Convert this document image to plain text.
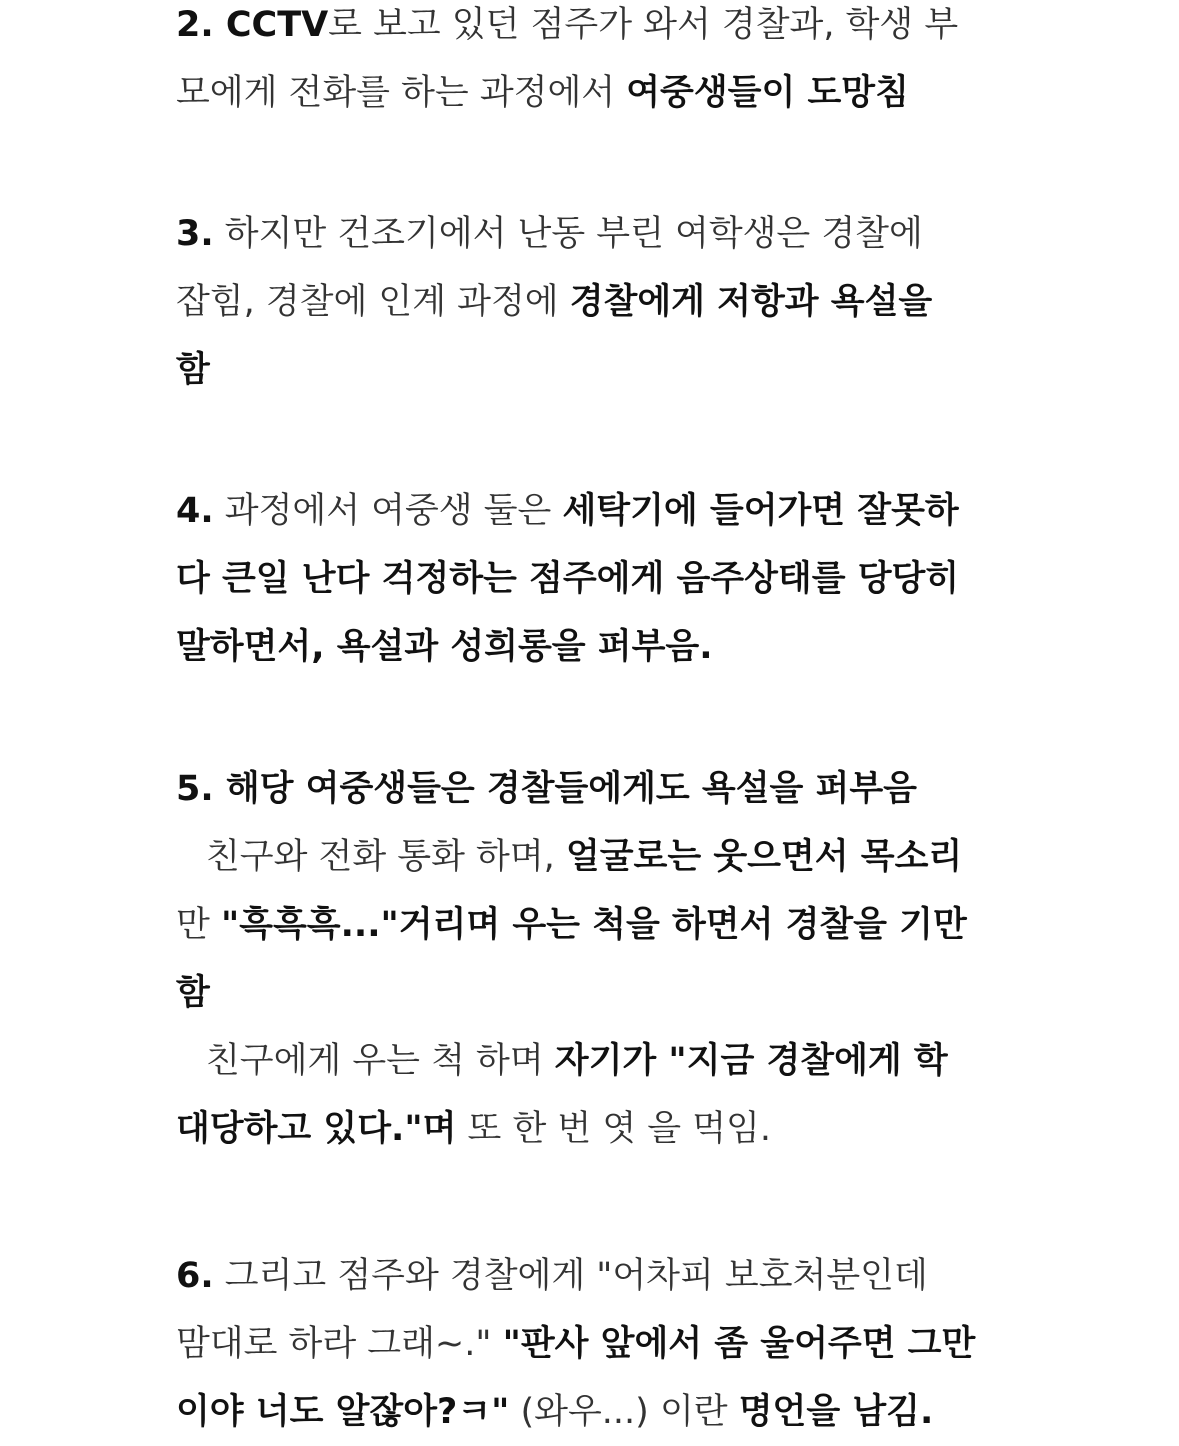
2. CCTV로 보고 있던 점주가 와서 경찰과, 학생 부
모에게 전화를 하는 과정에서 여중생들이 도망침
3. 하지만 건조기에서 난동 부린 여학생은 경찰에
잡힘, 경찰에 인계 과정에 경찰에게 저항과 욕설을
함
4. 과정에서 여중생 둘은 세탁기에 들어가면 잘못하
다 큰일 난다 걱정하는 점주에게 음주상태를 당당히
말하면서, 욕설과 성희롱을 퍼부음.
5. 해당 여중생들은 경찰들에게도 욕설을 퍼부음
친구와 전화 통화 하며, 얼굴로는 웃으면서 목소리
만 "흑흑흑..."거리며 우는 척을 하면서 경찰을 기만
함
친구에게 우는 척 하며 자기가 "지금 경찰에게 학
대당하고 있다."며 또 한 번 엿 을 먹임.
6. 그리고 점주와 경찰에게 "어차피 보호처분인데
맘대로 하라 그래~." "판사 앞에서 좀 울어주면 그만
이야 너도 알잖아?ㅋ" (와우...) 이란 명언을 남김.
